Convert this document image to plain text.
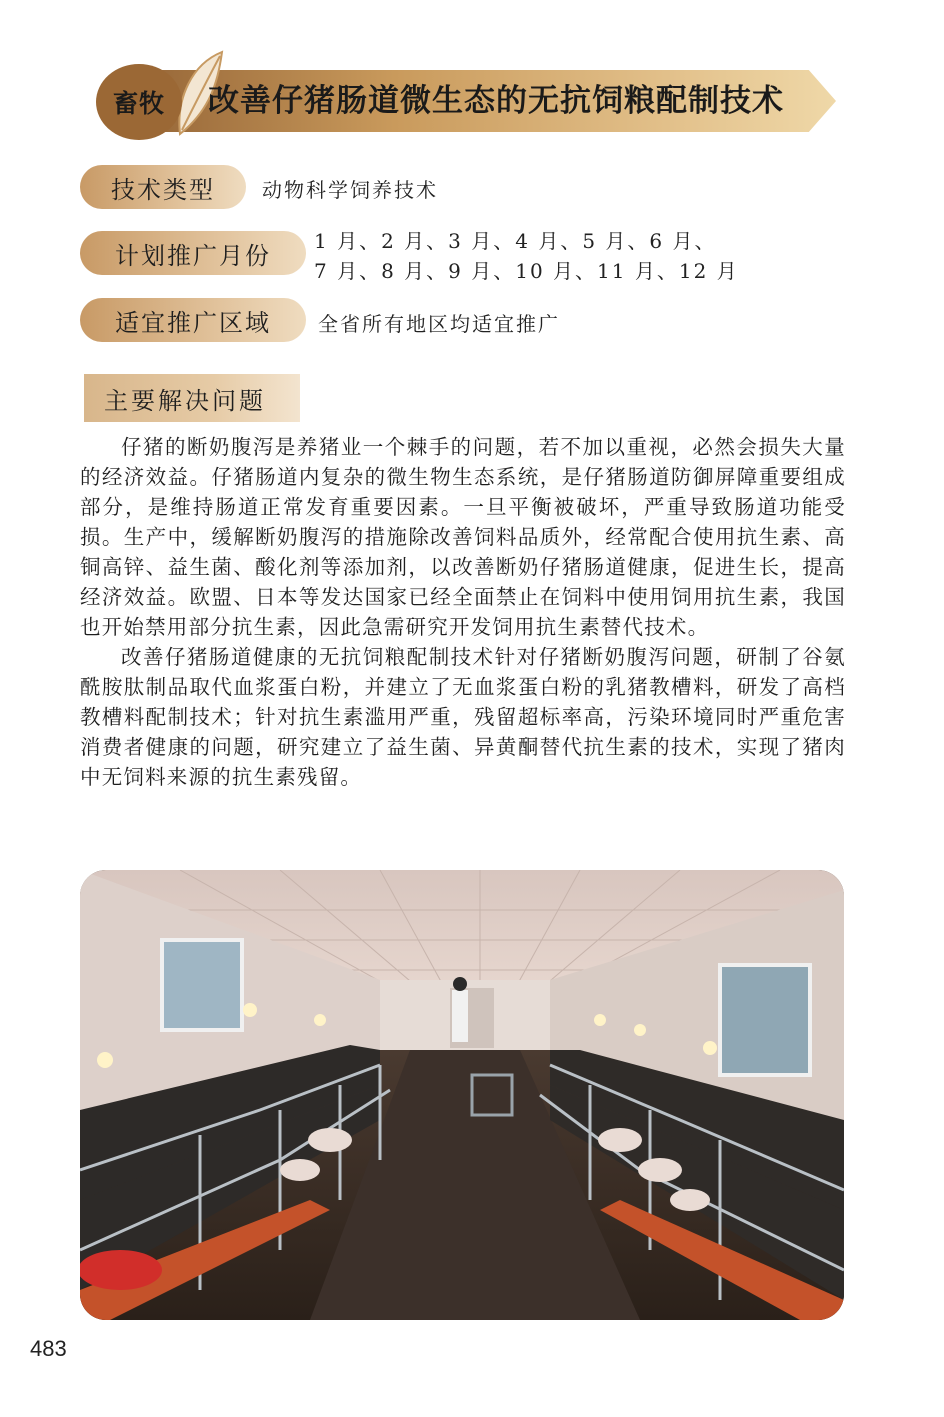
畜牧 改善仔猪肠道微生态的无抗饲粮配制技术
技术类型	动物科学饲养技术
计划推广月份
1 月、2 月、3 月、4 月、5 月、6 月、
7 月、8 月、9 月、10 月、11 月、12 月
适宜推广区域	全省所有地区均适宜推广
主要解决问题

仔猪的断奶腹泻是养猪业一个棘手的问题，若不加以重视，必然会损失大量的经济效益。仔猪肠道内复杂的微生物生态系统，是仔猪肠道防御屏障重要组成部分，是维持肠道正常发育重要因素。一旦平衡被破坏，严重导致肠道功能受损。生产中，缓解断奶腹泻的措施除改善饲料品质外，经常配合使用抗生素、高铜高锌、益生菌、酸化剂等添加剂，以改善断奶仔猪肠道健康，促进生长，提高经济效益。欧盟、日本等发达国家已经全面禁止在饲料中使用饲用抗生素，我国也开始禁用部分抗生素，因此急需研究开发饲用抗生素替代技术。

改善仔猪肠道健康的无抗饲粮配制技术针对仔猪断奶腹泻问题，研制了谷氨酰胺肽制品取代血浆蛋白粉，并建立了无血浆蛋白粉的乳猪教槽料，研发了高档教槽料配制技术；针对抗生素滥用严重，残留超标率高，污染环境同时严重危害消费者健康的问题，研究建立了益生菌、异黄酮替代抗生素的技术，实现了猪肉中无饲料来源的抗生素残留。

483
